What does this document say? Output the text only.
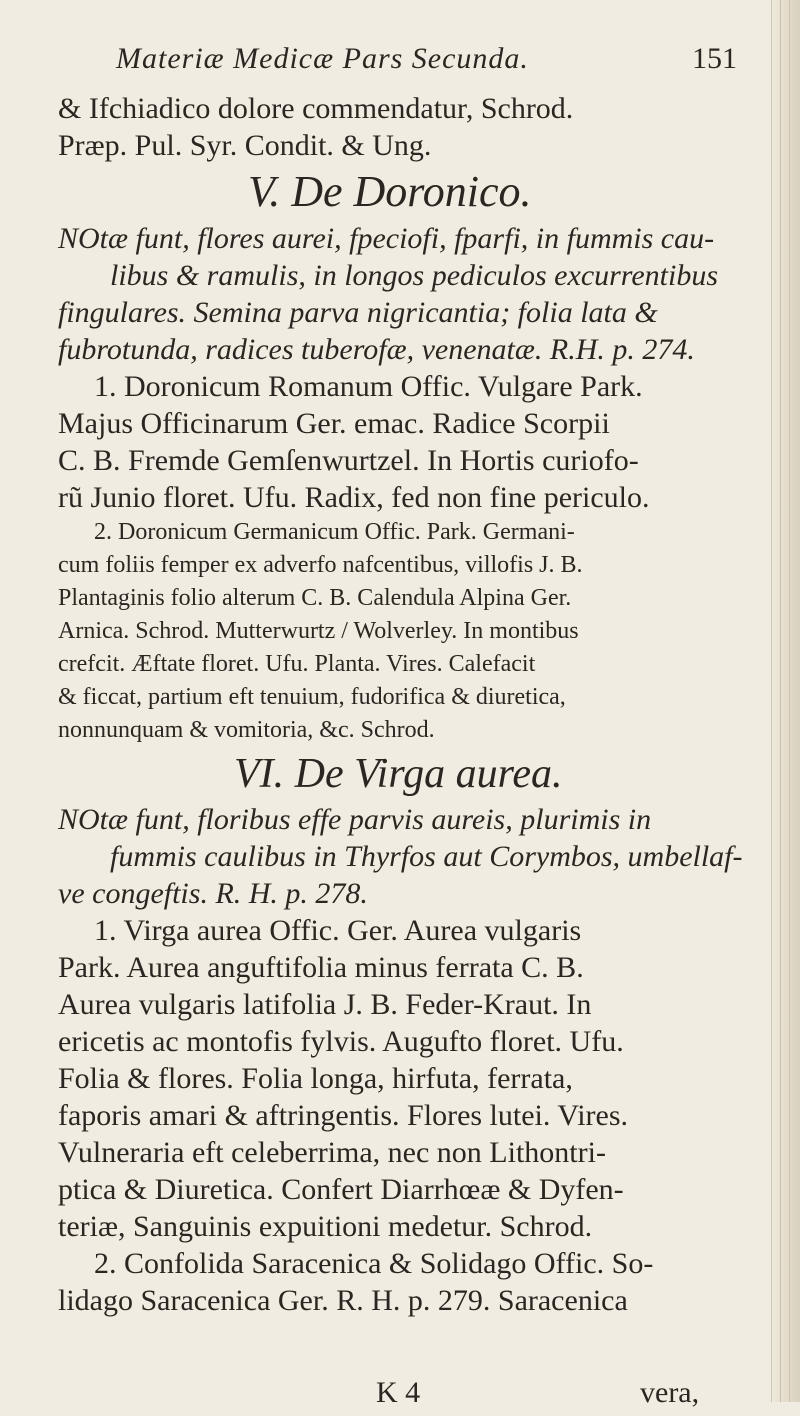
Materiæ Medicæ Pars Secunda.	151
& Ifchiadico dolore commendatur, Schrod.
Præp. Pul. Syr. Condit. & Ung.
V. De Doronico.
NOtæ funt, flores aurei, fpeciofi, fparfi, in fummis cau-
libus & ramulis, in longos pediculos excurrentibus
fingulares. Semina parva nigricantia; folia lata &
fubrotunda, radices tuberofæ, venenatæ. R.H. p. 274.
1. Doronicum Romanum Offic. Vulgare Park.
Majus Officinarum Ger. emac. Radice Scorpii
C. B. Fremde Gemſenwurtzel. In Hortis curiofo-
rũ Junio floret. Ufu. Radix, fed non fine periculo.
2. Doronicum Germanicum Offic. Park. Germani-
cum foliis femper ex adverfo nafcentibus, villofis J. B.
Plantaginis folio alterum C. B. Calendula Alpina Ger.
Arnica. Schrod. Mutterwurtz / Wolverley. In montibus
crefcit. Æftate floret. Ufu. Planta. Vires. Calefacit
& ficcat, partium eft tenuium, fudorifica & diuretica,
nonnunquam & vomitoria, &c. Schrod.
VI. De Virga aurea.
NOtæ funt, floribus effe parvis aureis, plurimis in
fummis caulibus in Thyrfos aut Corymbos, umbellaf-
ve congeftis. R. H. p. 278.
1. Virga aurea Offic. Ger. Aurea vulgaris
Park. Aurea anguftifolia minus ferrata C. B.
Aurea vulgaris latifolia J. B. Feder-Kraut. In
ericetis ac montofis fylvis. Augufto floret. Ufu.
Folia & flores. Folia longa, hirfuta, ferrata,
faporis amari & aftringentis. Flores lutei. Vires.
Vulneraria eft celeberrima, nec non Lithontri-
ptica & Diuretica. Confert Diarrhœæ & Dyfen-
teriæ, Sanguinis expuitioni medetur. Schrod.
2. Confolida Saracenica & Solidago Offic. So-
lidago Saracenica Ger. R. H. p. 279. Saracenica
K 4	vera,
